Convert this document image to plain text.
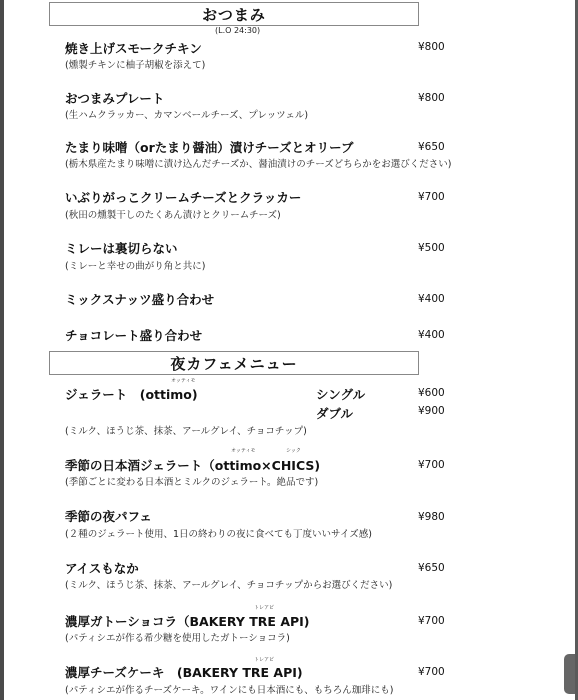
おつまみ
(L.O 24:30)
焼き上げスモークチキン
(燻製チキンに柚子胡椒を添えて)
¥800
おつまみプレート
(生ハムクラッカー、カマンベールチーズ、プレッツェル)
¥800
たまり味噌（orたまり醤油）漬けチーズとオリーブ
(栃木県産たまり味噌に漬け込んだチーズか、醤油漬けのチーズどちらかをお選びください)
¥650
いぶりがっこクリームチーズとクラッカー
(秋田の燻製干しのたくあん漬けとクリームチーズ)
¥700
ミレーは裏切らない
(ミレーと幸せの曲がり角と共に)
¥500
ミックスナッツ盛り合わせ	¥400
チョコレート盛り合わせ	¥400
夜カフェメニュー
オッティモ
ジェラート　(ottimo)	シングル	¥600
ダブル	¥900
(ミルク、ほうじ茶、抹茶、アールグレイ、チョコチップ)
オッティモ	シック
季節の日本酒ジェラート（ottimo×CHICS)
(季節ごとに変わる日本酒とミルクのジェラート。絶品です)
¥700
季節の夜パフェ
(２種のジェラート使用、1日の終わりの夜に食べても丁度いいサイズ感)
¥980
アイスもなか
(ミルク、ほうじ茶、抹茶、アールグレイ、チョコチップからお選びください)
¥650
トレアピ
濃厚ガトーショコラ（BAKERY TRE API)
(パティシエが作る希少糖を使用したガトーショコラ)
¥700
トレアピ
濃厚チーズケーキ　(BAKERY TRE API)
(パティシエが作るチーズケーキ。ワインにも日本酒にも、もちろん珈琲にも)
¥700
